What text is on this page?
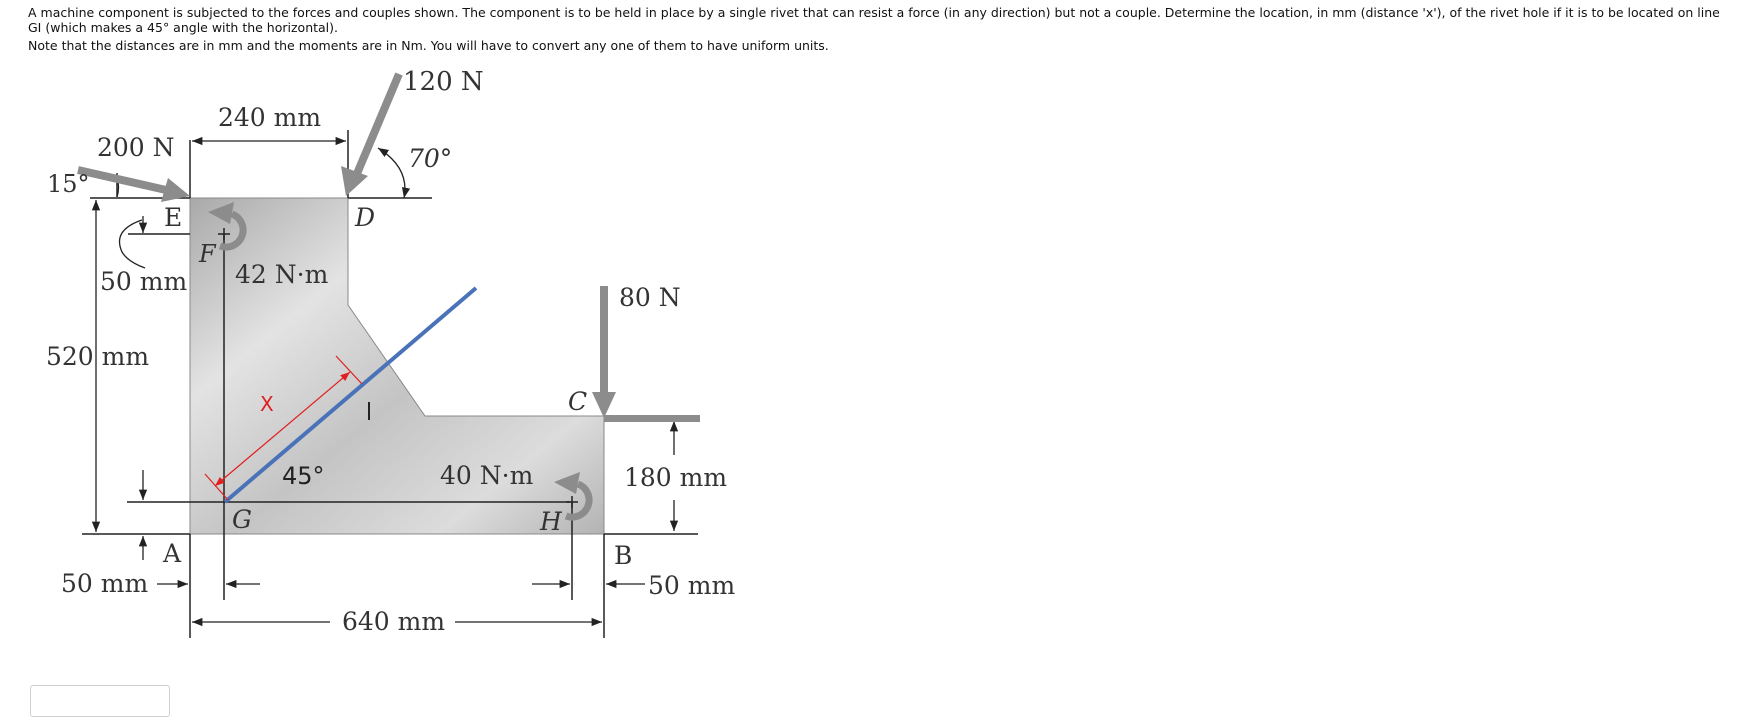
A machine component is subjected to the forces and couples shown. The component is to be held in place by a single rivet that can resist a force (in any direction) but not a couple. Determine the location, in mm (distance 'x'), of the rivet hole if it is to be located on line GI (which makes a 45° angle with the horizontal).

Note that the distances are in mm and the moments are in Nm. You will have to convert any one of them to have uniform units.

120 N
240 mm
200 N	70°
15°
E	D
F
42 N·m
50 mm
80 N
520 mm
X	C
45°	40 N·m	180 mm
G	H
A	B
50 mm	50 mm
640 mm
